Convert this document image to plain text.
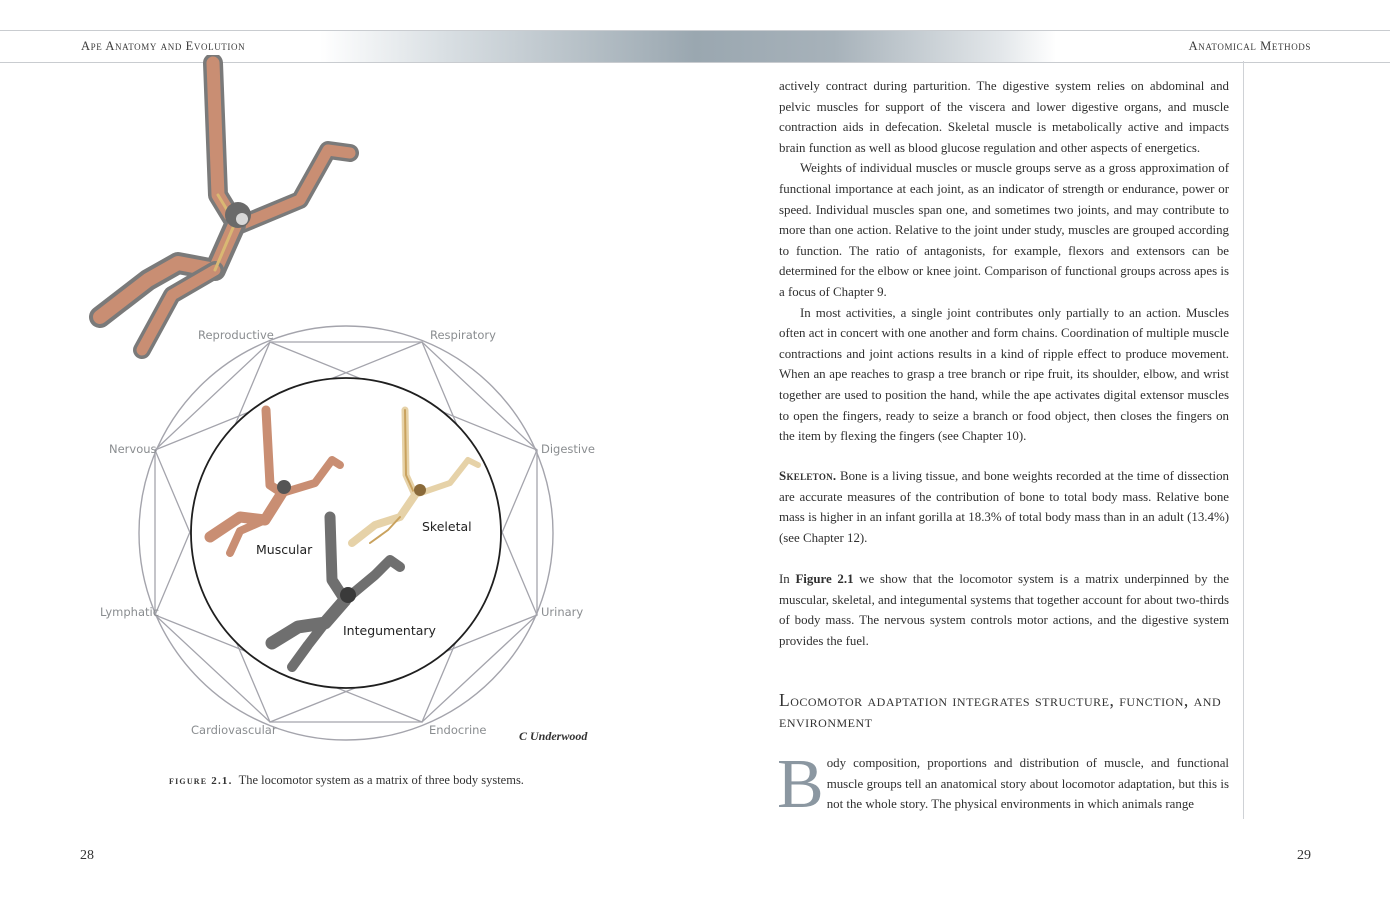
Ape Anatomy and Evolution	Anatomical Methods
Reproductive	Respiratory
Nervous	Digestive
Lymphatic	Urinary
Cardiovascular	Endocrine
Muscular
Skeletal
Integumentary
C Underwood
figure 2.1. The locomotor system as a matrix of three body systems.

actively contract during parturition. The digestive system relies on abdominal and pelvic muscles for support of the viscera and lower digestive organs, and muscle contraction aids in defecation. Skeletal muscle is metabolically active and impacts brain function as well as blood glucose regulation and other aspects of energetics.

Weights of individual muscles or muscle groups serve as a gross approximation of functional importance at each joint, as an indicator of strength or endurance, power or speed. Individual muscles span one, and sometimes two joints, and may contribute to more than one action. Relative to the joint under study, muscles are grouped according to function. The ratio of antagonists, for example, flexors and extensors can be determined for the elbow or knee joint. Comparison of functional groups across apes is a focus of Chapter 9.

In most activities, a single joint contributes only partially to an action. Muscles often act in concert with one another and form chains. Coordination of multiple muscle contractions and joint actions results in a kind of ripple effect to produce movement. When an ape reaches to grasp a tree branch or ripe fruit, its shoulder, elbow, and wrist together are used to position the hand, while the ape activates digital extensor muscles to open the fingers, ready to seize a branch or food object, then closes the fingers on the item by flexing the fingers (see Chapter 10).

Skeleton. Bone is a living tissue, and bone weights recorded at the time of dissection are accurate measures of the contribution of bone to total body mass. Relative bone mass is higher in an infant gorilla at 18.3% of total body mass than in an adult (13.4%) (see Chapter 12).

In Figure 2.1 we show that the locomotor system is a matrix underpinned by the muscular, skeletal, and integumental systems that together account for about two-thirds of body mass. The nervous system controls motor actions, and the digestive system provides the fuel.

Locomotor adaptation integrates structure, function, and environment
Body composition, proportions and distribution of muscle, and functional muscle groups tell an anatomical story about locomotor adaptation, but this is not the whole story. The physical environments in which animals range
28	29
